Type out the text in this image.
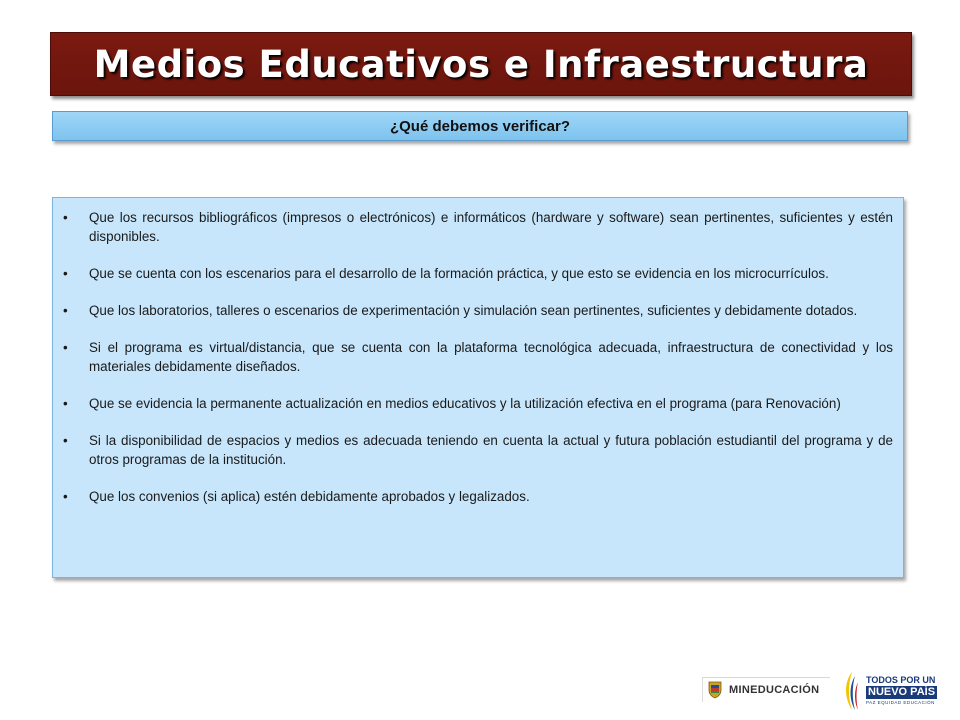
Medios Educativos e Infraestructura
¿Qué debemos verificar?
• Que los recursos bibliográficos (impresos o electrónicos) e informáticos (hardware y software) sean pertinentes, suficientes y estén disponibles.
• Que se cuenta con los escenarios para el desarrollo de la formación práctica, y que esto se evidencia en los microcurrículos.
• Que los laboratorios, talleres o escenarios de experimentación y simulación sean pertinentes, suficientes y debidamente dotados.
• Si el programa es virtual/distancia, que se cuenta con la plataforma tecnológica adecuada, infraestructura de conectividad y los materiales debidamente diseñados.
• Que se evidencia la permanente actualización en medios educativos y la utilización efectiva en el programa (para Renovación)
• Si la disponibilidad de espacios y medios es adecuada teniendo en cuenta la actual y futura población estudiantil del programa y de otros programas de la institución.
• Que los convenios (si aplica) estén debidamente aprobados y legalizados.
MINEDUCACIÓN
TODOS POR UN
NUEVO PAÍS
PAZ EQUIDAD EDUCACIÓN
